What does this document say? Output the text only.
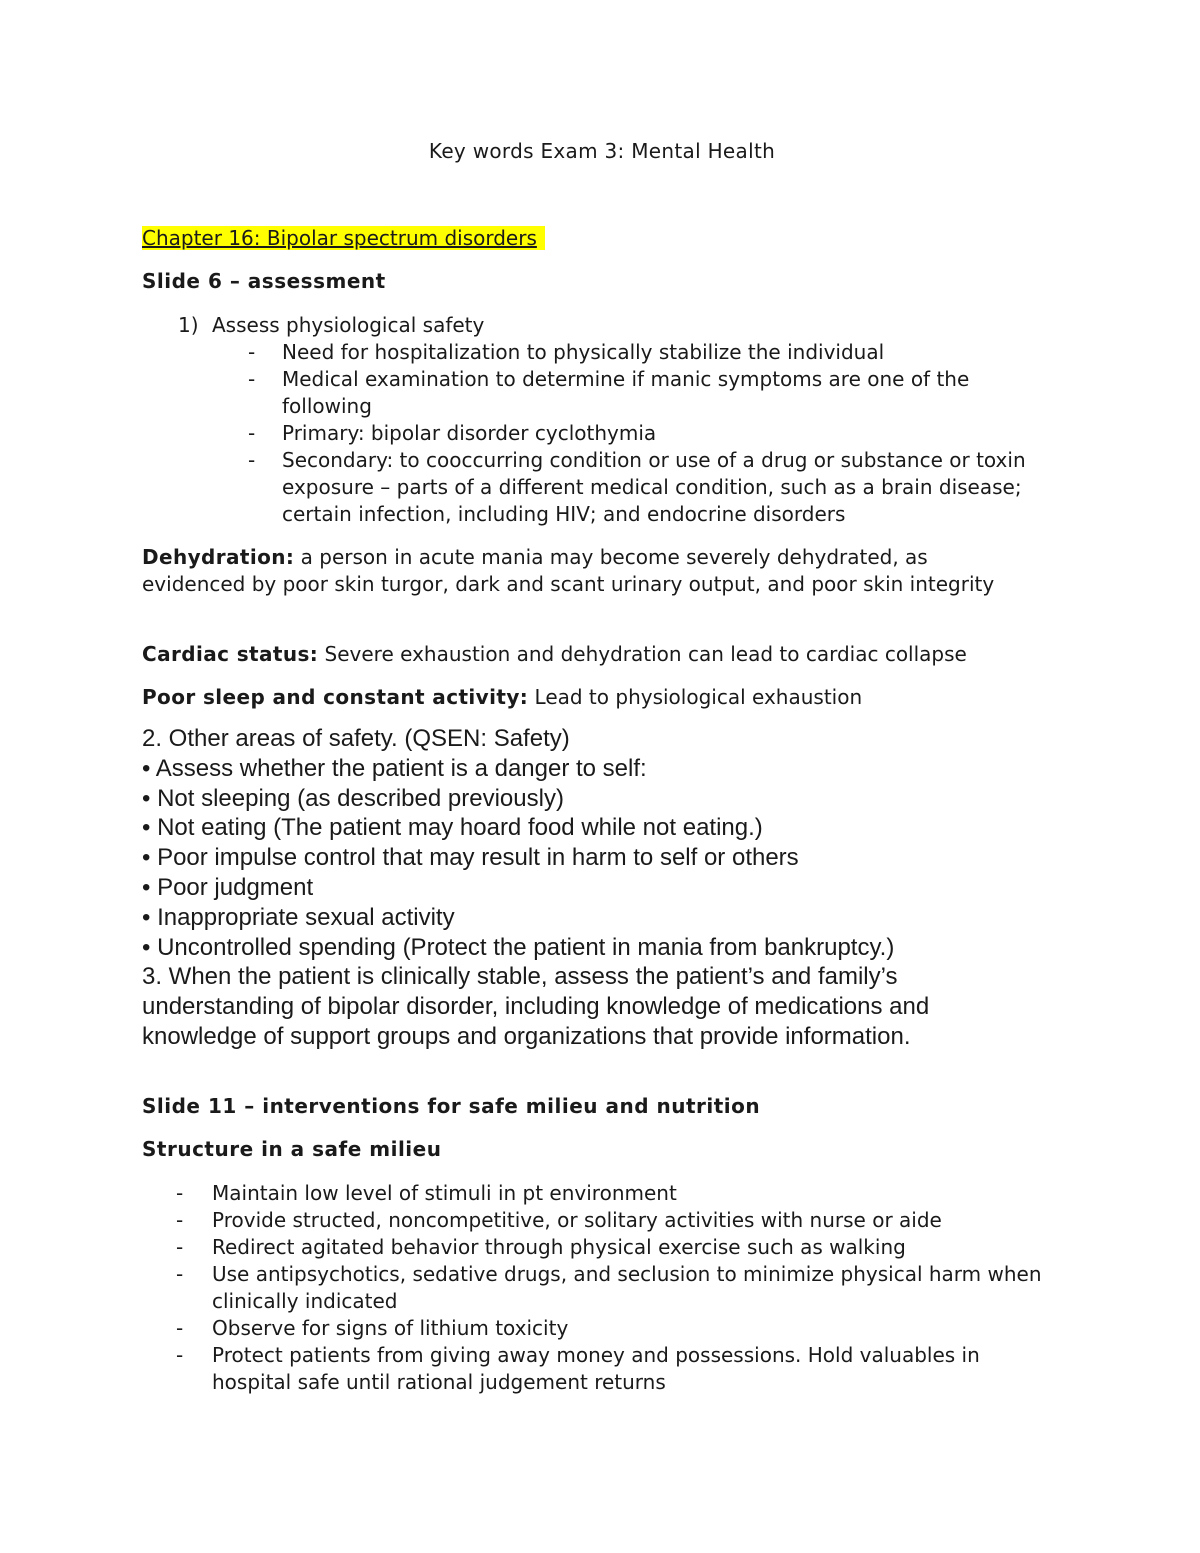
Key words Exam 3: Mental Health

Chapter 16: Bipolar spectrum disorders

Slide 6 – assessment

1) Assess physiological safety
- Need for hospitalization to physically stabilize the individual
- Medical examination to determine if manic symptoms are one of the following
- Primary: bipolar disorder cyclothymia
- Secondary: to cooccurring condition or use of a drug or substance or toxin exposure – parts of a different medical condition, such as a brain disease; certain infection, including HIV; and endocrine disorders

Dehydration: a person in acute mania may become severely dehydrated, as evidenced by poor skin turgor, dark and scant urinary output, and poor skin integrity

Cardiac status: Severe exhaustion and dehydration can lead to cardiac collapse

Poor sleep and constant activity: Lead to physiological exhaustion

2. Other areas of safety. (QSEN: Safety)
• Assess whether the patient is a danger to self:
• Not sleeping (as described previously)
• Not eating (The patient may hoard food while not eating.)
• Poor impulse control that may result in harm to self or others
• Poor judgment
• Inappropriate sexual activity
• Uncontrolled spending (Protect the patient in mania from bankruptcy.)
3. When the patient is clinically stable, assess the patient’s and family’s understanding of bipolar disorder, including knowledge of medications and knowledge of support groups and organizations that provide information.

Slide 11 – interventions for safe milieu and nutrition

Structure in a safe milieu

- Maintain low level of stimuli in pt environment
- Provide structed, noncompetitive, or solitary activities with nurse or aide
- Redirect agitated behavior through physical exercise such as walking
- Use antipsychotics, sedative drugs, and seclusion to minimize physical harm when clinically indicated
- Observe for signs of lithium toxicity
- Protect patients from giving away money and possessions. Hold valuables in hospital safe until rational judgement returns
